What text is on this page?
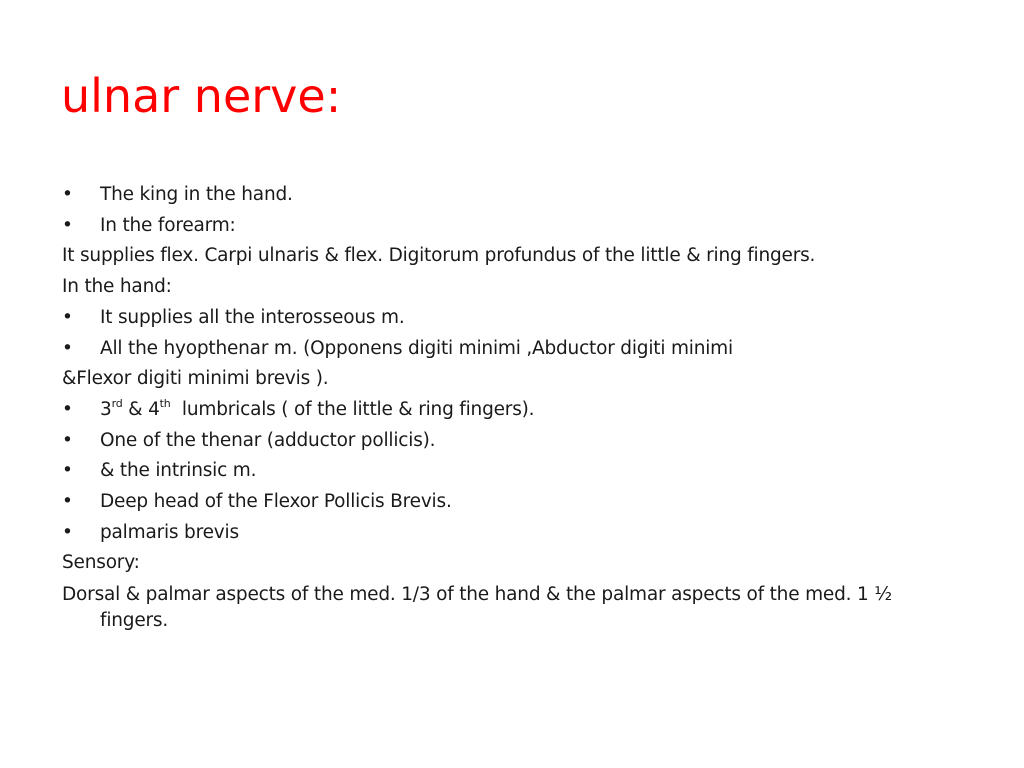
ulnar nerve:
•	The king in the hand.
•	In the forearm:
It supplies flex. Carpi ulnaris & flex. Digitorum profundus of the little & ring fingers.
In the hand:
•	It supplies all the interosseous m.
•	All the hyopthenar m. (Opponens digiti minimi ,Abductor digiti minimi
&Flexor digiti minimi brevis ).
•	3rd & 4th  lumbricals ( of the little & ring fingers).
•	One of the thenar (adductor pollicis).
•	& the intrinsic m.
•	Deep head of the Flexor Pollicis Brevis.
•	palmaris brevis
Sensory:
Dorsal & palmar aspects of the med. 1/3 of the hand & the palmar aspects of the med. 1 ½ fingers.
